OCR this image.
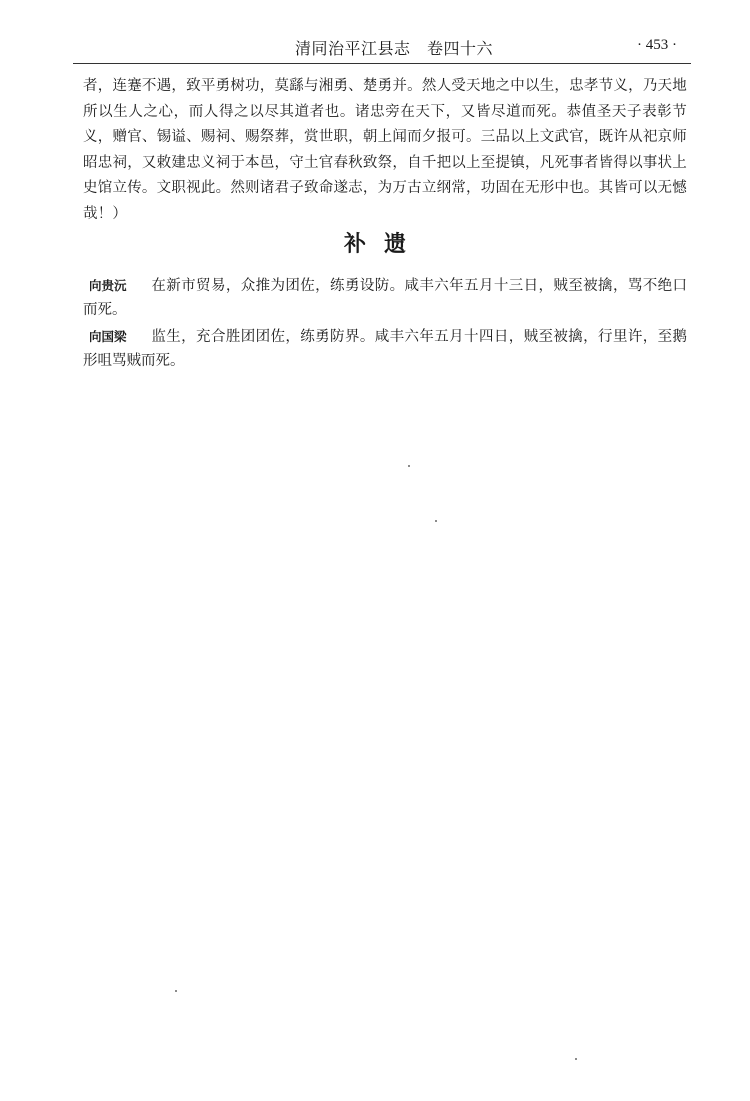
清同治平江县志　卷四十六	· 453 ·
者，连蹇不遇，致平勇树功，莫繇与湘勇、楚勇并。然人受天地之中以生，忠孝节义，乃天地所以生人之心，而人得之以尽其道者也。诸忠旁在天下，又皆尽道而死。恭值圣天子表彰节义，赠官、锡谥、赐祠、赐祭葬，赏世职，朝上闻而夕报可。三品以上文武官，既许从祀京师昭忠祠，又敕建忠义祠于本邑，守土官春秋致祭，自千把以上至提镇，凡死事者皆得以事状上史馆立传。文职视此。然则诸君子致命遂志，为万古立纲常，功固在无形中也。其皆可以无憾哉！）
补遗

向贵沅 在新市贸易，众推为团佐，练勇设防。咸丰六年五月十三日，贼至被擒，骂不绝口而死。

向国梁 监生，充合胜团团佐，练勇防界。咸丰六年五月十四日，贼至被擒，行里许，至鹅形咀骂贼而死。
